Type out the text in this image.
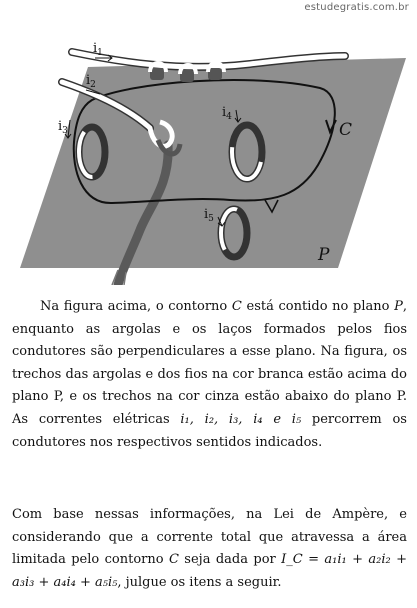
estudegratis.com.br
$i_1$
$i_2$
$i_3$
$i_4$
$i_5$
C
P
Na figura acima, o contorno C está contido no plano P, enquanto as argolas e os laços formados pelos fios condutores são perpendiculares a esse plano. Na figura, os trechos das argolas e dos fios na cor branca estão acima do plano P, e os trechos na cor cinza estão abaixo do plano P. As correntes elétricas i₁, i₂, i₃, i₄ e i₅ percorrem os condutores nos respectivos sentidos indicados.
Com base nessas informações, na Lei de Ampère, e considerando que a corrente total que atravessa a área limitada pelo contorno C seja dada por I_C = a₁i₁ + a₂i₂ + a₃i₃ + a₄i₄ + a₅i₅, julgue os itens a seguir.
